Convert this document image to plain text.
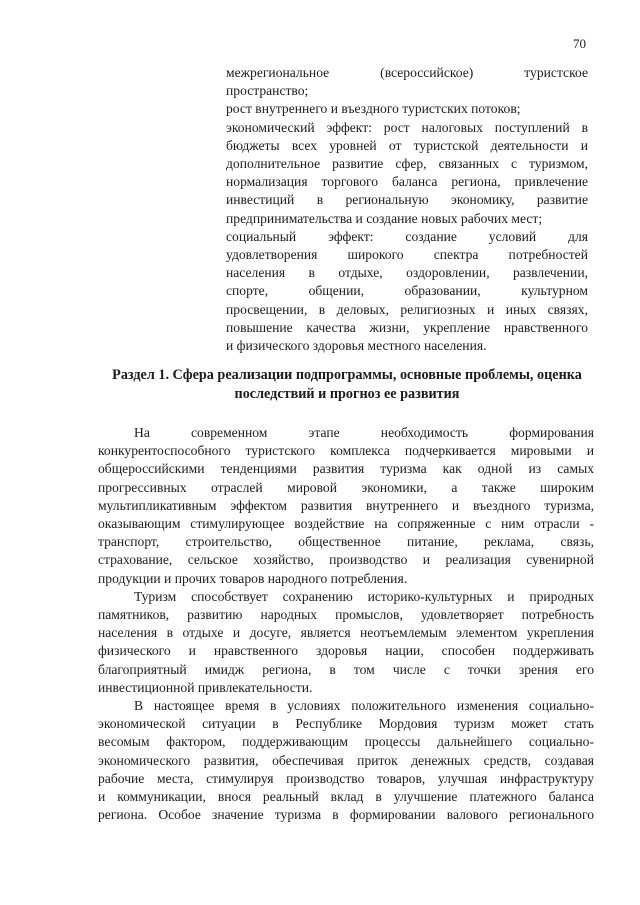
70
межрегиональное (всероссийское) туристское
пространство;
рост внутреннего и въездного туристских потоков;
экономический эффект: рост налоговых поступлений в
бюджеты всех уровней от туристской деятельности и
дополнительное развитие сфер, связанных с туризмом,
нормализация торгового баланса региона, привлечение
инвестиций в региональную экономику, развитие
предпринимательства и создание новых рабочих мест;
социальный эффект: создание условий для
удовлетворения широкого спектра потребностей
населения в отдыхе, оздоровлении, развлечении,
спорте, общении, образовании, культурном
просвещении, в деловых, религиозных и иных связях,
повышение качества жизни, укрепление нравственного
и физического здоровья местного населения.
Раздел 1. Сфера реализации подпрограммы, основные проблемы, оценка
последствий и прогноз ее развития
На современном этапе необходимость формирования
конкурентоспособного туристского комплекса подчеркивается мировыми и
общероссийскими тенденциями развития туризма как одной из самых
прогрессивных отраслей мировой экономики, а также широким
мультипликативным эффектом развития внутреннего и въездного туризма,
оказывающим стимулирующее воздействие на сопряженные с ним отрасли -
транспорт, строительство, общественное питание, реклама, связь,
страхование, сельское хозяйство, производство и реализация сувенирной
продукции и прочих товаров народного потребления.
Туризм способствует сохранению историко-культурных и природных
памятников, развитию народных промыслов, удовлетворяет потребность
населения в отдыхе и досуге, является неотъемлемым элементом укрепления
физического и нравственного здоровья нации, способен поддерживать
благоприятный имидж региона, в том числе с точки зрения его
инвестиционной привлекательности.
В настоящее время в условиях положительного изменения социально-
экономической ситуации в Республике Мордовия туризм может стать
весомым фактором, поддерживающим процессы дальнейшего социально-
экономического развития, обеспечивая приток денежных средств, создавая
рабочие места, стимулируя производство товаров, улучшая инфраструктуру
и коммуникации, внося реальный вклад в улучшение платежного баланса
региона. Особое значение туризма в формировании валового регионального
